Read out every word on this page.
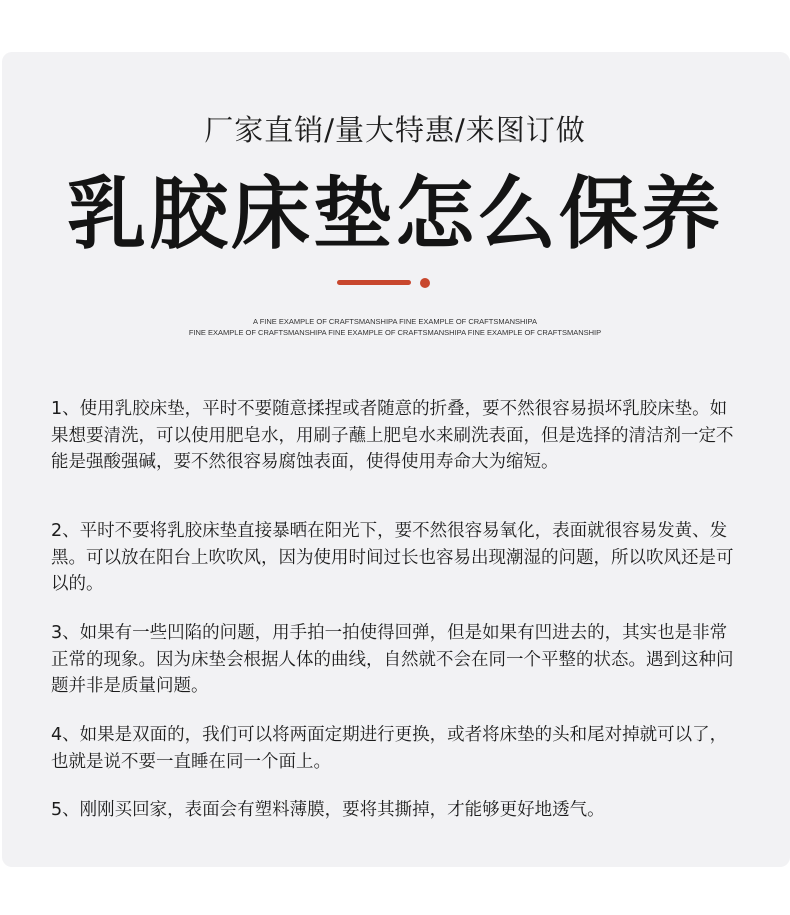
厂家直销/量大特惠/来图订做
乳胶床垫怎么保养
A FINE EXAMPLE OF CRAFTSMANSHIPA FINE EXAMPLE OF CRAFTSMANSHIPA
FINE EXAMPLE OF CRAFTSMANSHIPA FINE EXAMPLE OF CRAFTSMANSHIPA FINE EXAMPLE OF CRAFTSMANSHIP

1、使用乳胶床垫，平时不要随意揉捏或者随意的折叠，要不然很容易损坏乳胶床垫。如果想要清洗，可以使用肥皂水，用刷子蘸上肥皂水来刷洗表面，但是选择的清洁剂一定不能是强酸强碱，要不然很容易腐蚀表面，使得使用寿命大为缩短。

2、平时不要将乳胶床垫直接暴晒在阳光下，要不然很容易氧化，表面就很容易发黄、发黑。可以放在阳台上吹吹风，因为使用时间过长也容易出现潮湿的问题，所以吹风还是可以的。

3、如果有一些凹陷的问题，用手拍一拍使得回弹，但是如果有凹进去的，其实也是非常正常的现象。因为床垫会根据人体的曲线，自然就不会在同一个平整的状态。遇到这种问题并非是质量问题。

4、如果是双面的，我们可以将两面定期进行更换，或者将床垫的头和尾对掉就可以了，也就是说不要一直睡在同一个面上。

5、刚刚买回家，表面会有塑料薄膜，要将其撕掉，才能够更好地透气。
